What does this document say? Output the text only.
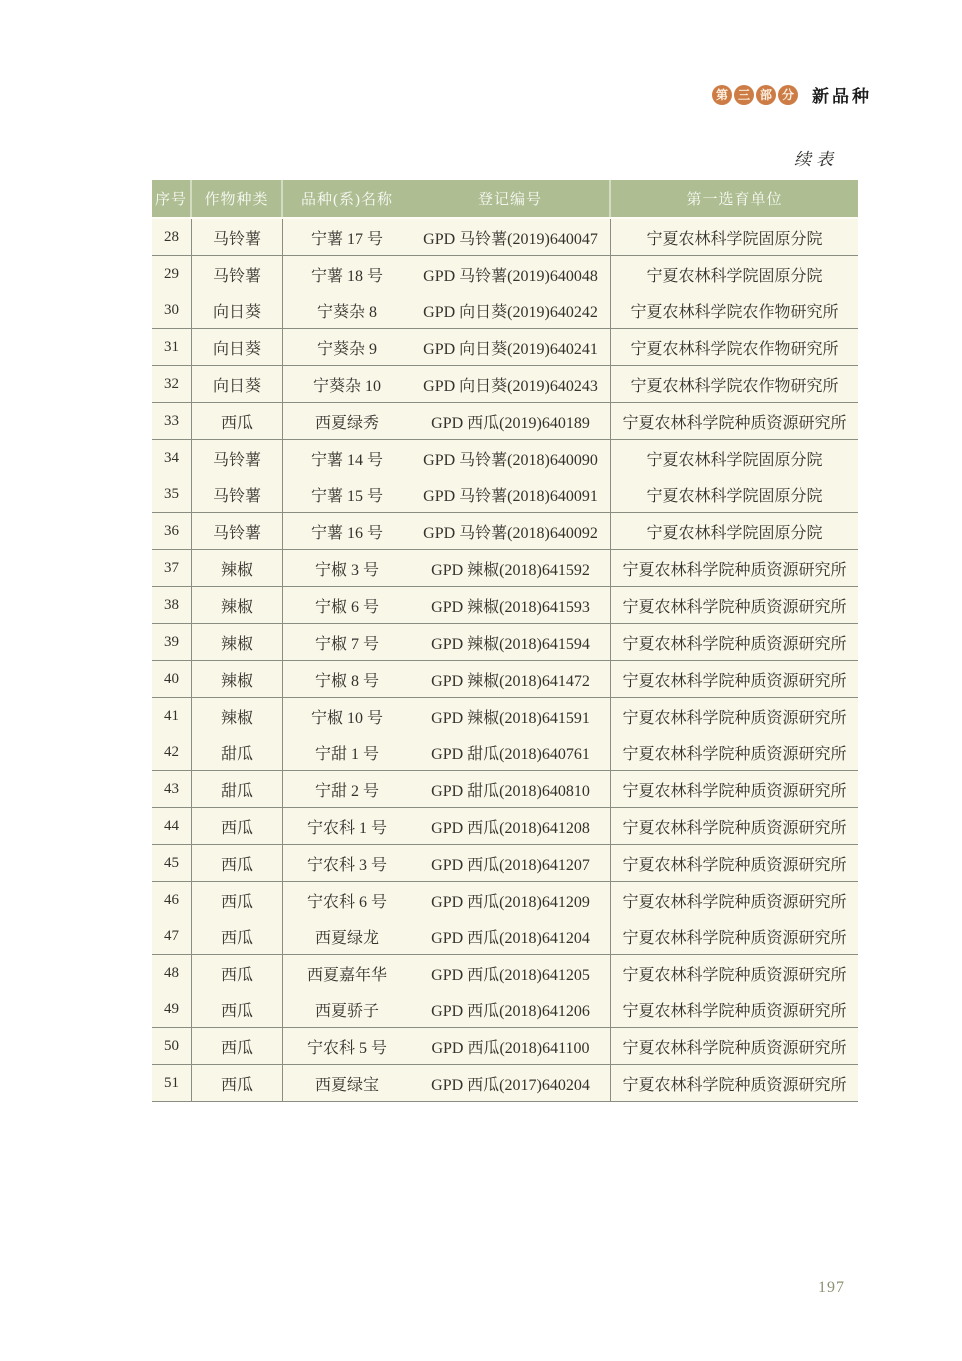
第 三 部 分 新品种
续表
序号	作物种类	品种(系)名称	登记编号	第一选育单位
28	马铃薯	宁薯 17 号	GPD 马铃薯(2019)640047	宁夏农林科学院固原分院
29	马铃薯	宁薯 18 号	GPD 马铃薯(2019)640048	宁夏农林科学院固原分院
30	向日葵	宁葵杂 8	GPD 向日葵(2019)640242	宁夏农林科学院农作物研究所
31	向日葵	宁葵杂 9	GPD 向日葵(2019)640241	宁夏农林科学院农作物研究所
32	向日葵	宁葵杂 10	GPD 向日葵(2019)640243	宁夏农林科学院农作物研究所
33	西瓜	西夏绿秀	GPD 西瓜(2019)640189	宁夏农林科学院种质资源研究所
34	马铃薯	宁薯 14 号	GPD 马铃薯(2018)640090	宁夏农林科学院固原分院
35	马铃薯	宁薯 15 号	GPD 马铃薯(2018)640091	宁夏农林科学院固原分院
36	马铃薯	宁薯 16 号	GPD 马铃薯(2018)640092	宁夏农林科学院固原分院
37	辣椒	宁椒 3 号	GPD 辣椒(2018)641592	宁夏农林科学院种质资源研究所
38	辣椒	宁椒 6 号	GPD 辣椒(2018)641593	宁夏农林科学院种质资源研究所
39	辣椒	宁椒 7 号	GPD 辣椒(2018)641594	宁夏农林科学院种质资源研究所
40	辣椒	宁椒 8 号	GPD 辣椒(2018)641472	宁夏农林科学院种质资源研究所
41	辣椒	宁椒 10 号	GPD 辣椒(2018)641591	宁夏农林科学院种质资源研究所
42	甜瓜	宁甜 1 号	GPD 甜瓜(2018)640761	宁夏农林科学院种质资源研究所
43	甜瓜	宁甜 2 号	GPD 甜瓜(2018)640810	宁夏农林科学院种质资源研究所
44	西瓜	宁农科 1 号	GPD 西瓜(2018)641208	宁夏农林科学院种质资源研究所
45	西瓜	宁农科 3 号	GPD 西瓜(2018)641207	宁夏农林科学院种质资源研究所
46	西瓜	宁农科 6 号	GPD 西瓜(2018)641209	宁夏农林科学院种质资源研究所
47	西瓜	西夏绿龙	GPD 西瓜(2018)641204	宁夏农林科学院种质资源研究所
48	西瓜	西夏嘉年华	GPD 西瓜(2018)641205	宁夏农林科学院种质资源研究所
49	西瓜	西夏骄子	GPD 西瓜(2018)641206	宁夏农林科学院种质资源研究所
50	西瓜	宁农科 5 号	GPD 西瓜(2018)641100	宁夏农林科学院种质资源研究所
51	西瓜	西夏绿宝	GPD 西瓜(2017)640204	宁夏农林科学院种质资源研究所
197
